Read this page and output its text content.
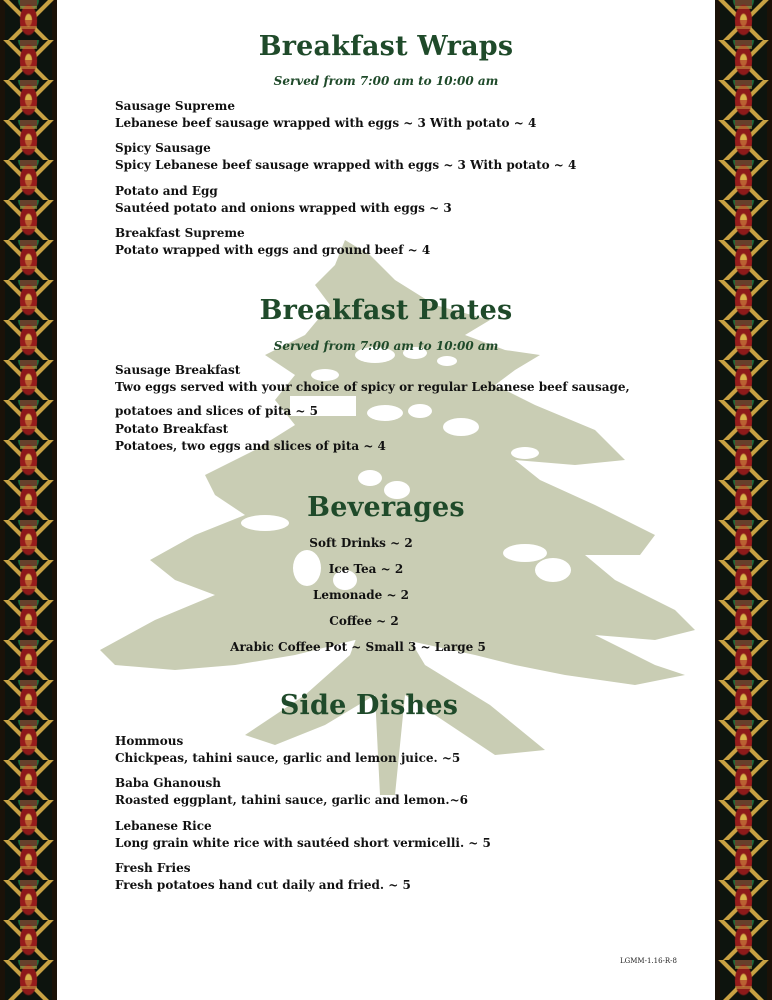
Breakfast Wraps
Served from 7:00 am to 10:00 am
Sausage Supreme
Lebanese beef sausage wrapped with eggs ~ 3 With potato ~ 4
Spicy Sausage
Spicy Lebanese beef sausage wrapped with eggs ~ 3 With potato ~ 4
Potato and Egg
Sautéed potato and onions wrapped with eggs ~ 3
Breakfast Supreme
Potato wrapped with eggs and ground beef ~ 4
Breakfast Plates
Served from 7:00 am to 10:00 am
Sausage Breakfast
Two eggs served with your choice of spicy or regular Lebanese beef sausage,
potatoes and slices of pita ~ 5
Potato Breakfast
Potatoes, two eggs and slices of pita ~ 4
Beverages
Soft Drinks ~ 2
Ice Tea ~ 2
Lemonade ~ 2
Coffee ~ 2
Arabic Coffee Pot ~ Small 3 ~ Large 5
Side Dishes
Hommous
Chickpeas, tahini sauce, garlic and lemon juice. ~5
Baba Ghanoush
Roasted eggplant, tahini sauce, garlic and lemon.~6
Lebanese Rice
Long grain white rice with sautéed short vermicelli. ~ 5
Fresh Fries
Fresh potatoes hand cut daily and fried. ~ 5
LGMM-1.16-R-8
